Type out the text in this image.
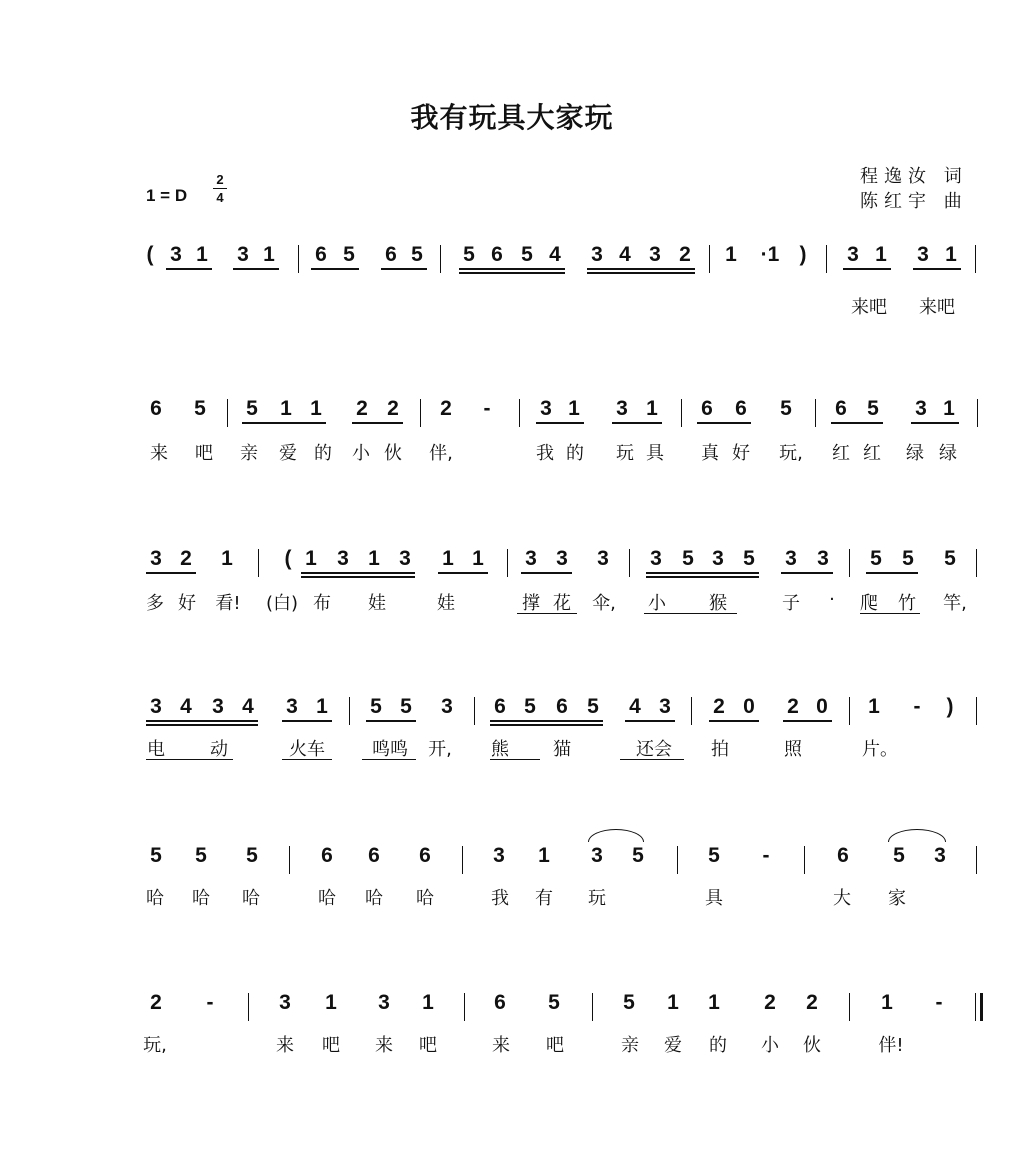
我有玩具大家玩
程逸汝 词
陈红宇 曲
1 = D
2
4
( 3 1 3 1 6 5 6 5 5 6 5 4 3 4 3 2 1 ·1 )	3 1 3 1
来吧 来吧
6 5 5 1 1 2 2 2	-	3 1 3 1 6 6 5 6 5 3 1
来 吧 亲 爱 的 小 伙	伴,	我 的 玩 具 真 好	玩,	红 红 绿 绿
3 2 1	( 1 3 1 3 1 1 3 3 3 3 5 3 5 3 3 5 5 5
多 好	看!	(白) 布 娃	娃	撑 花	伞,	小 猴	子	·	爬 竹	竿,
3 4 3 4 3 1 5 5 3 6 5 6 5 4 3 2 0 2 0 1	-	)
电	动	火车	鸣鸣	开,	熊 猫	还会 拍	照	片。
5 5 5	6 6 6	3 1 3 5	5	-	6 5 3
哈 哈 哈	哈 哈 哈	我 有 玩	具	大 家
2	-	3 1 3 1	6 5	5 1 1 2 2	1	-
玩,	来 吧 来 吧	来 吧	亲 爱 的 小 伙	伴!
